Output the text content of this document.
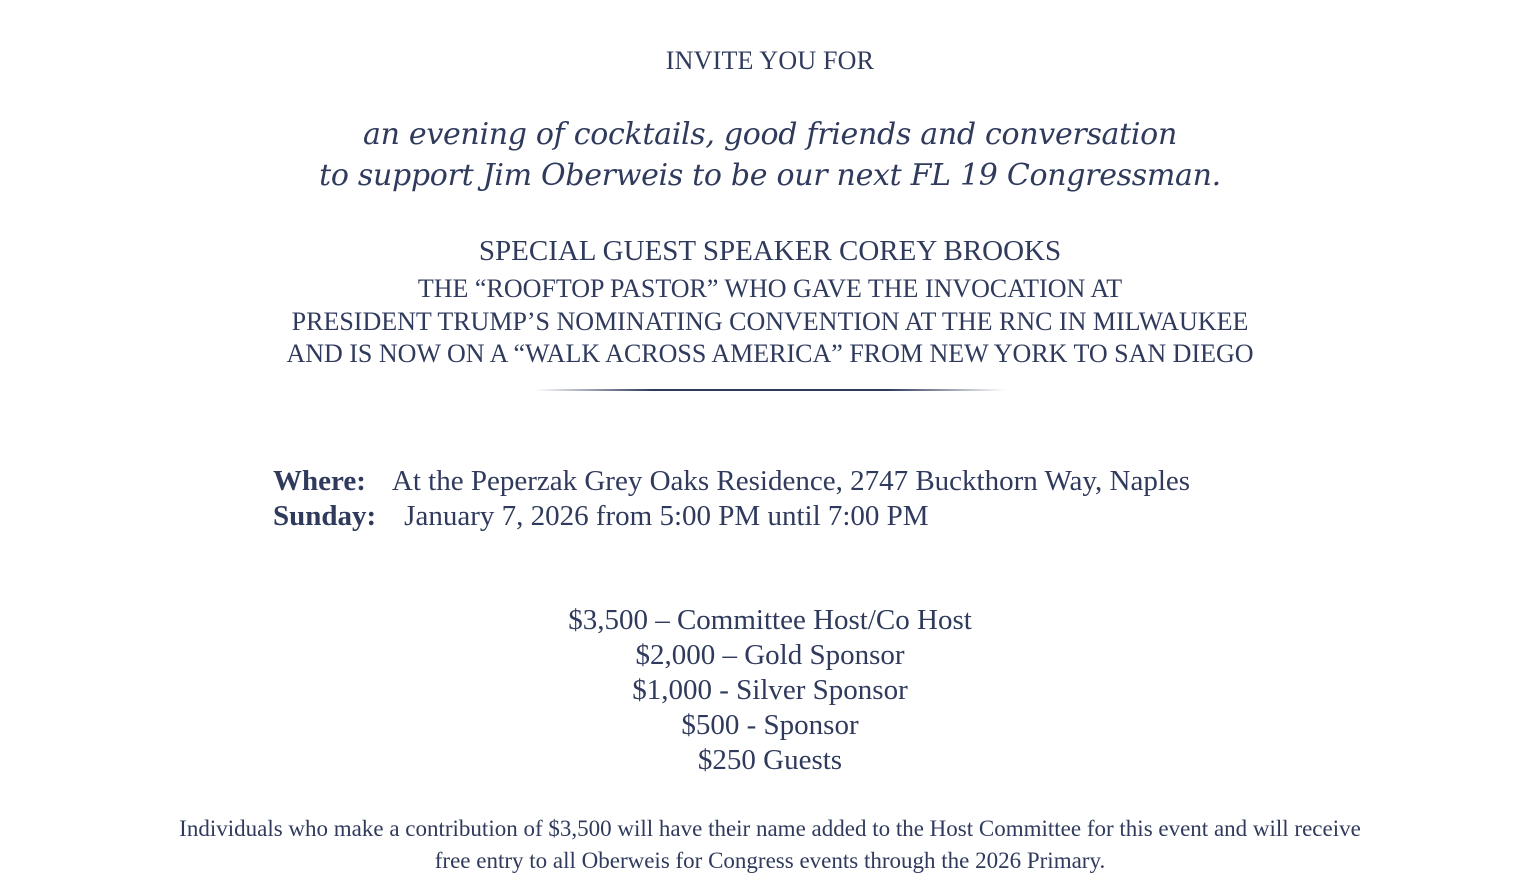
INVITE YOU FOR
an evening of cocktails, good friends and conversation
to support Jim Oberweis to be our next FL 19 Congressman.
SPECIAL GUEST SPEAKER COREY BROOKS
THE “ROOFTOP PASTOR” WHO GAVE THE INVOCATION AT
PRESIDENT TRUMP’S NOMINATING CONVENTION AT THE RNC IN MILWAUKEE
AND IS NOW ON A “WALK ACROSS AMERICA” FROM NEW YORK TO SAN DIEGO
Where: At the Peperzak Grey Oaks Residence, 2747 Buckthorn Way, Naples
Sunday: January 7, 2026 from 5:00 PM until 7:00 PM
$3,500 – Committee Host/Co Host
$2,000 – Gold Sponsor
$1,000 - Silver Sponsor
$500 - Sponsor
$250 Guests
Individuals who make a contribution of $3,500 will have their name added to the Host Committee for this event and will receive
free entry to all Oberweis for Congress events through the 2026 Primary.
